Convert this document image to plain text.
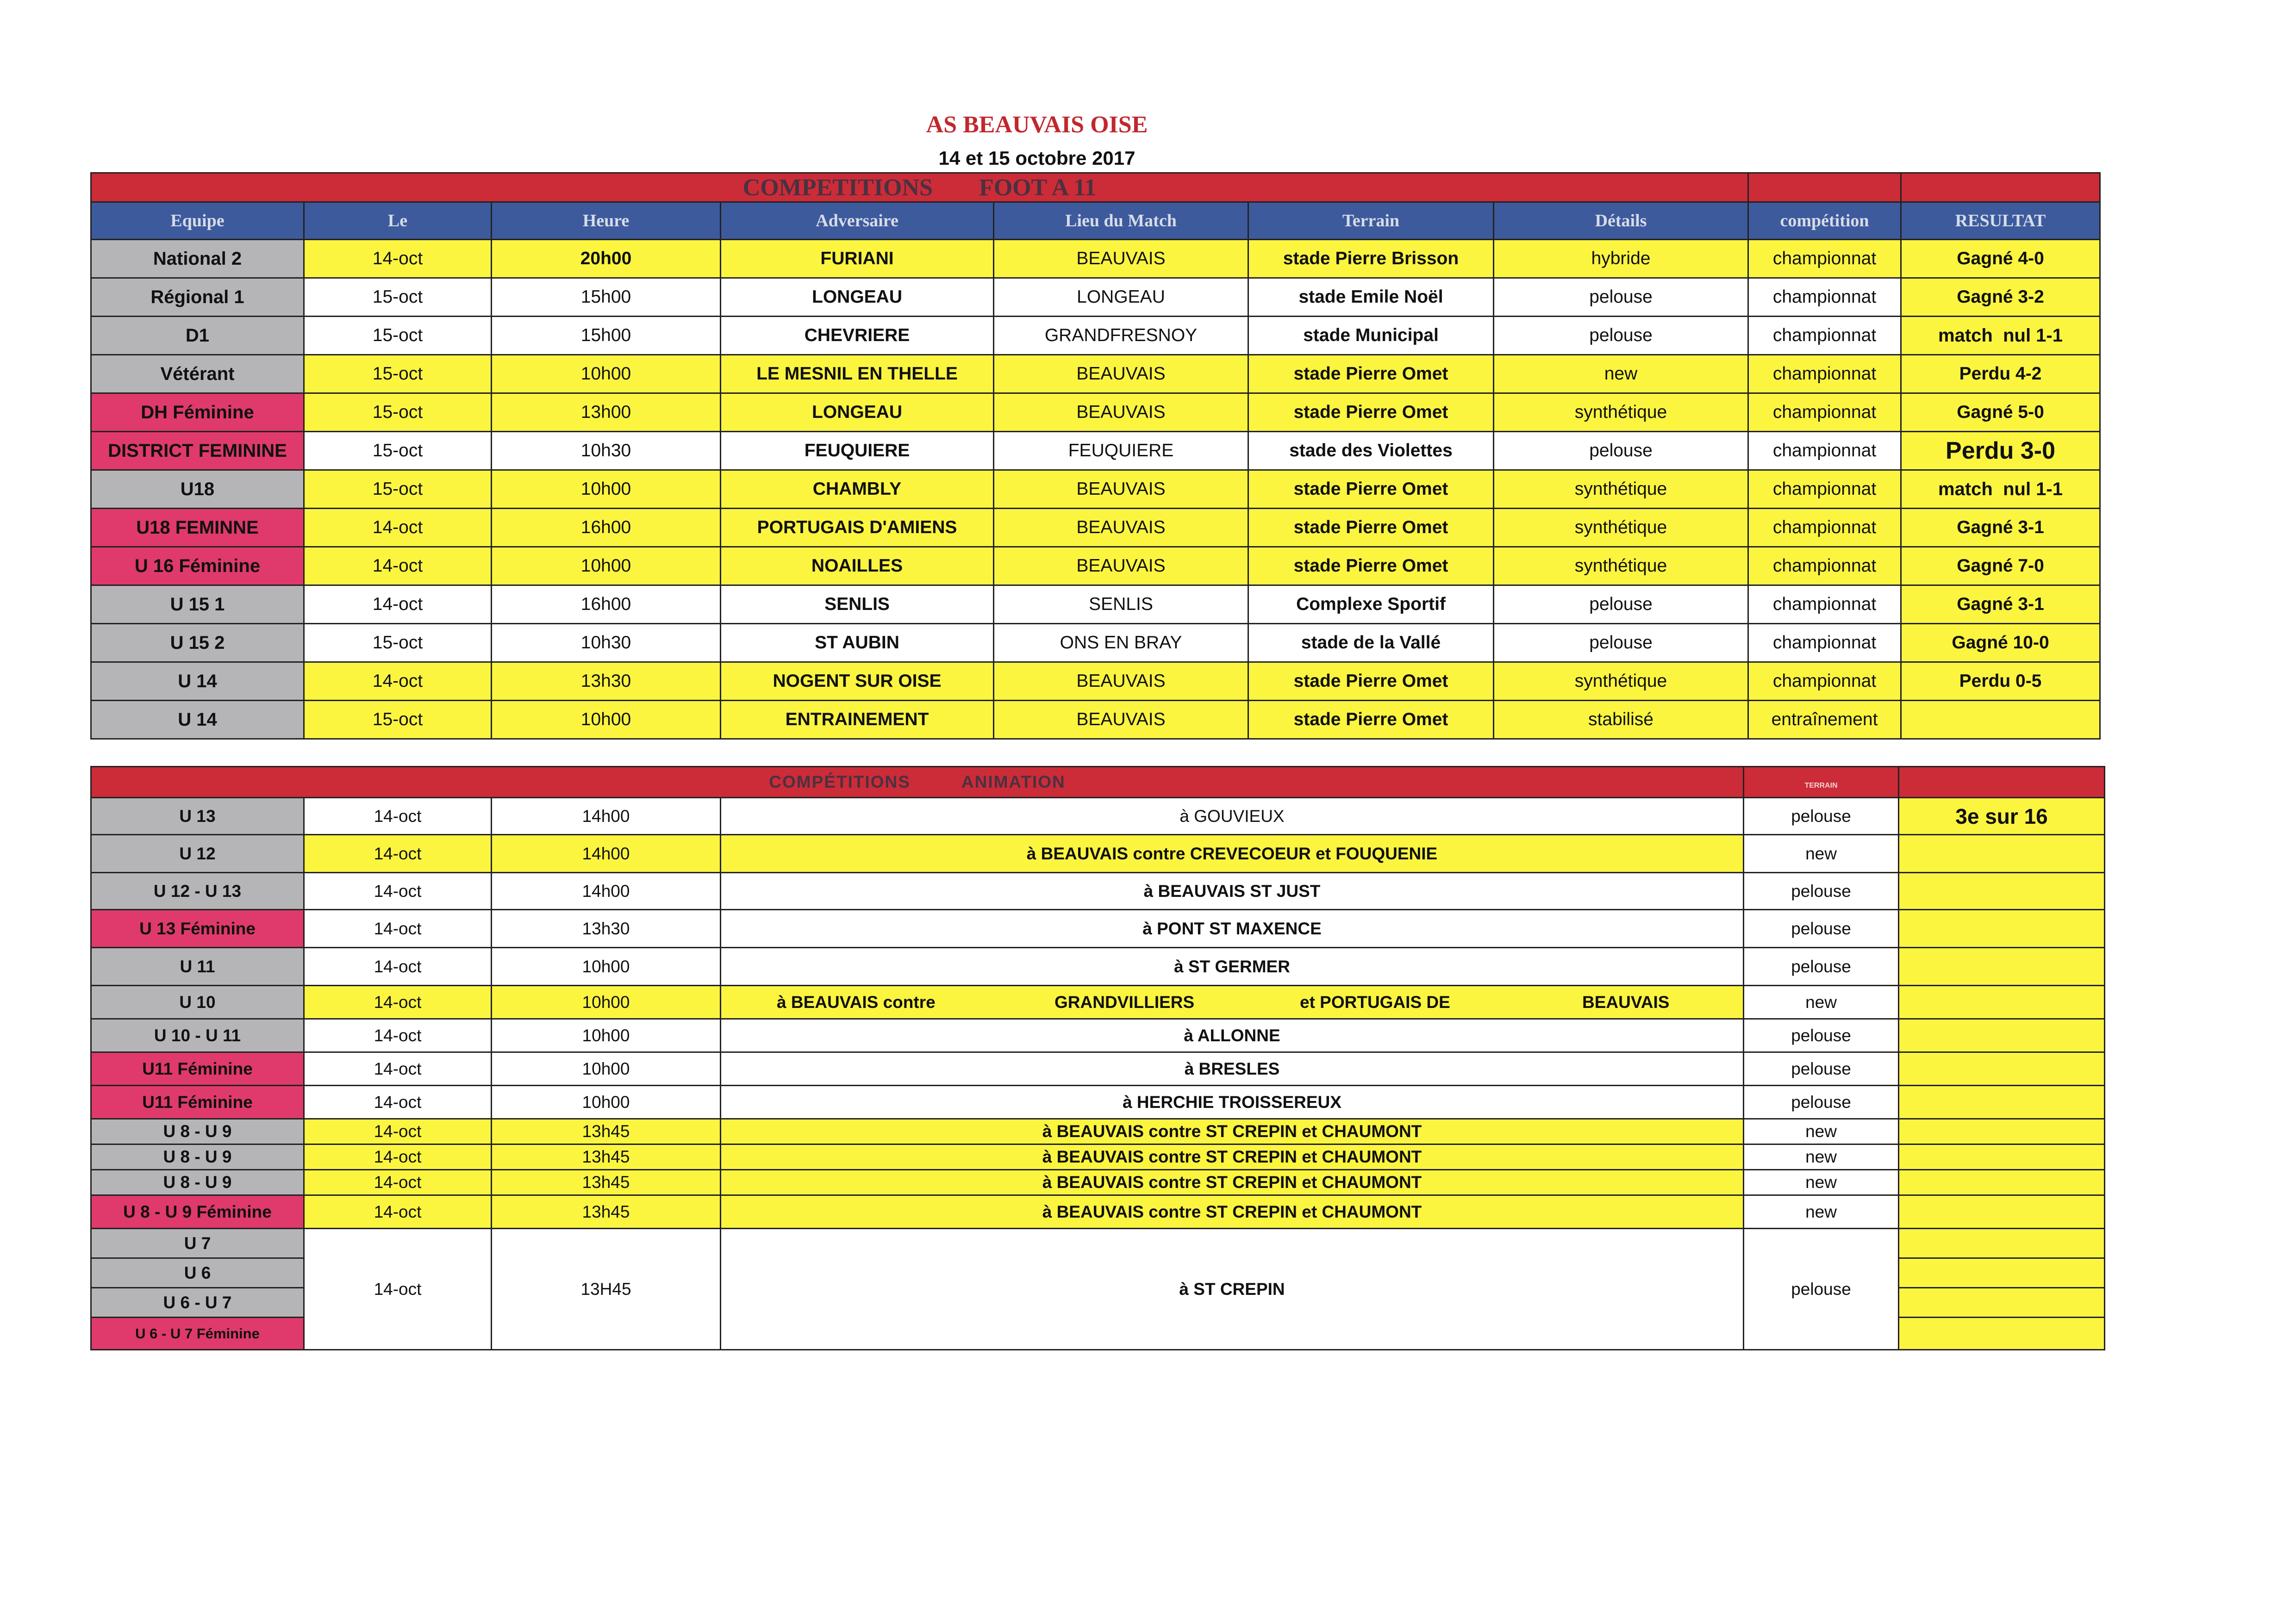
AS BEAUVAIS OISE
14 et 15 octobre 2017
COMPETITIONS FOOT A 11								
Equipe	Le	Heure	Adversaire	Lieu du Match	Terrain	Détails	compétition	RESULTAT
National 2	14-oct	20h00	FURIANI	BEAUVAIS	stade Pierre Brisson	hybride	championnat	Gagné 4-0
Régional 1	15-oct	15h00	LONGEAU	LONGEAU	stade Emile Noël	pelouse	championnat	Gagné 3-2
D1	15-oct	15h00	CHEVRIERE	GRANDFRESNOY	stade Municipal	pelouse	championnat	match  nul 1-1
Vétérant	15-oct	10h00	LE MESNIL EN THELLE	BEAUVAIS	stade Pierre Omet	new	championnat	Perdu 4-2
DH Féminine	15-oct	13h00	LONGEAU	BEAUVAIS	stade Pierre Omet	synthétique	championnat	Gagné 5-0
DISTRICT FEMININE	15-oct	10h30	FEUQUIERE	FEUQUIERE	stade des Violettes	pelouse	championnat	Perdu 3-0
U18	15-oct	10h00	CHAMBLY	BEAUVAIS	stade Pierre Omet	synthétique	championnat	match  nul 1-1
U18 FEMINNE	14-oct	16h00	PORTUGAIS D'AMIENS	BEAUVAIS	stade Pierre Omet	synthétique	championnat	Gagné 3-1
U 16 Féminine	14-oct	10h00	NOAILLES	BEAUVAIS	stade Pierre Omet	synthétique	championnat	Gagné 7-0
U 15 1	14-oct	16h00	SENLIS	SENLIS	Complexe Sportif	pelouse	championnat	Gagné 3-1
U 15 2	15-oct	10h30	ST AUBIN	ONS EN BRAY	stade de la Vallé	pelouse	championnat	Gagné 10-0
U 14	14-oct	13h30	NOGENT SUR OISE	BEAUVAIS	stade Pierre Omet	synthétique	championnat	Perdu 0-5
U 14	15-oct	10h00	ENTRAINEMENT	BEAUVAIS	stade Pierre Omet	stabilisé	entraînement	
COMPÉTITIONS ANIMATION				TERRAIN	
U 13	14-oct	14h00	à GOUVIEUX	pelouse	3e sur 16
U 12	14-oct	14h00	à BEAUVAIS contre CREVECOEUR et FOUQUENIE	new	
U 12 - U 13	14-oct	14h00	à BEAUVAIS ST JUST	pelouse	
U 13 Féminine	14-oct	13h30	à PONT ST MAXENCE	pelouse	
U 11	14-oct	10h00	à ST GERMER	pelouse	
U 10	14-oct	10h00	à BEAUVAIS contre GRANDVILLIERS et PORTUGAIS DE BEAUVAIS	new	
U 10 - U 11	14-oct	10h00	à ALLONNE	pelouse	
U11 Féminine	14-oct	10h00	à BRESLES	pelouse	
U11 Féminine	14-oct	10h00	à HERCHIE TROISSEREUX	pelouse	
U 8 - U 9	14-oct	13h45	à BEAUVAIS contre ST CREPIN et CHAUMONT	new	
U 8 - U 9	14-oct	13h45	à BEAUVAIS contre ST CREPIN et CHAUMONT	new	
U 8 - U 9	14-oct	13h45	à BEAUVAIS contre ST CREPIN et CHAUMONT	new	
U 8 - U 9 Féminine	14-oct	13h45	à BEAUVAIS contre ST CREPIN et CHAUMONT	new	
U 7	14-oct	13H45	à ST CREPIN	pelouse	
U 6					
U 6 - U 7					
U 6 - U 7 Féminine					
